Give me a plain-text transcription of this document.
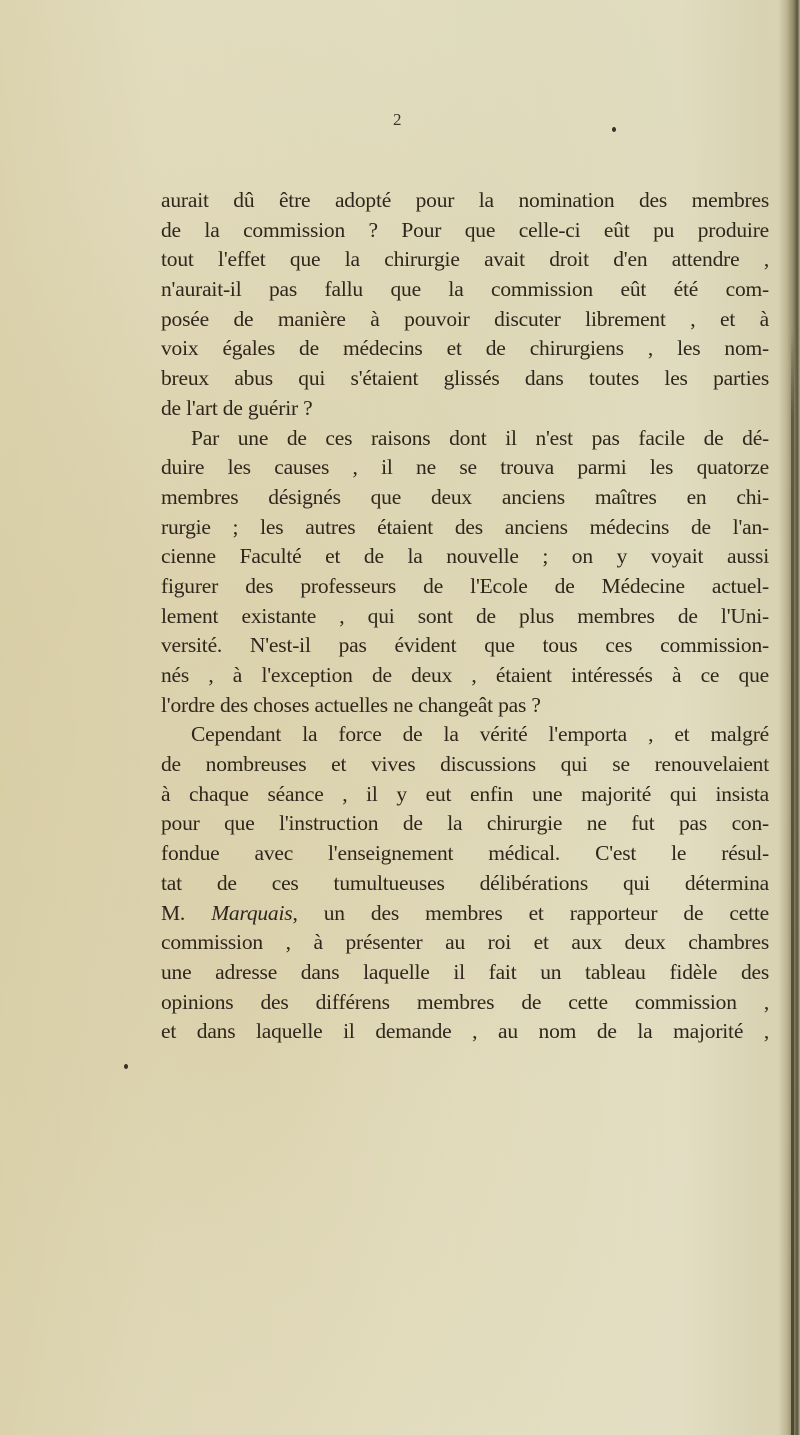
2
aurait dû être adopté pour la nomination des membres
de la commission ? Pour que celle-ci eût pu produire
tout l'effet que la chirurgie avait droit d'en attendre ,
n'aurait-il pas fallu que la commission eût été com-
posée de manière à pouvoir discuter librement , et à
voix égales de médecins et de chirurgiens , les nom-
breux abus qui s'étaient glissés dans toutes les parties
de l'art de guérir ?
Par une de ces raisons dont il n'est pas facile de dé-
duire les causes , il ne se trouva parmi les quatorze
membres désignés que deux anciens maîtres en chi-
rurgie ; les autres étaient des anciens médecins de l'an-
cienne Faculté et de la nouvelle ; on y voyait aussi
figurer des professeurs de l'Ecole de Médecine actuel-
lement existante , qui sont de plus membres de l'Uni-
versité. N'est-il pas évident que tous ces commission-
nés , à l'exception de deux , étaient intéressés à ce que
l'ordre des choses actuelles ne changeât pas ?
Cependant la force de la vérité l'emporta , et malgré
de nombreuses et vives discussions qui se renouvelaient
à chaque séance , il y eut enfin une majorité qui insista
pour que l'instruction de la chirurgie ne fut pas con-
fondue avec l'enseignement médical. C'est le résul-
tat de ces tumultueuses délibérations qui détermina
M. Marquais, un des membres et rapporteur de cette
commission , à présenter au roi et aux deux chambres
une adresse dans laquelle il fait un tableau fidèle des
opinions des différens membres de cette commission ,
et dans laquelle il demande , au nom de la majorité ,
